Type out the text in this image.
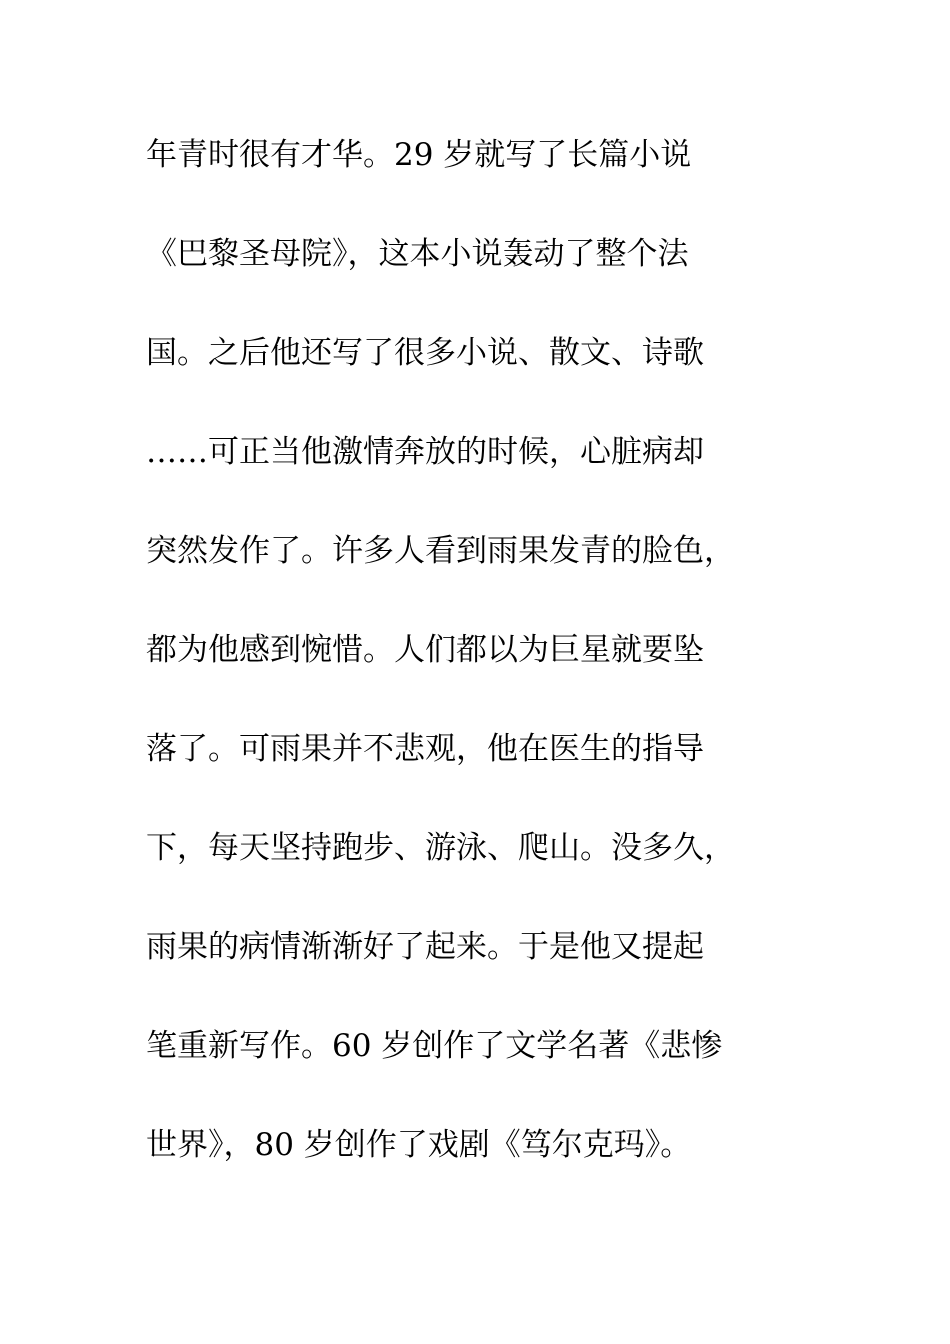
年青时很有才华。29 岁就写了长篇小说
《巴黎圣母院》，这本小说轰动了整个法
国。之后他还写了很多小说、散文、诗歌
……可正当他激情奔放的时候，心脏病却
突然发作了。许多人看到雨果发青的脸色，
都为他感到惋惜。人们都以为巨星就要坠
落了。可雨果并不悲观，他在医生的指导
下，每天坚持跑步、游泳、爬山。没多久，
雨果的病情渐渐好了起来。于是他又提起
笔重新写作。60 岁创作了文学名著《悲惨
世界》，80 岁创作了戏剧《笃尔克玛》。
